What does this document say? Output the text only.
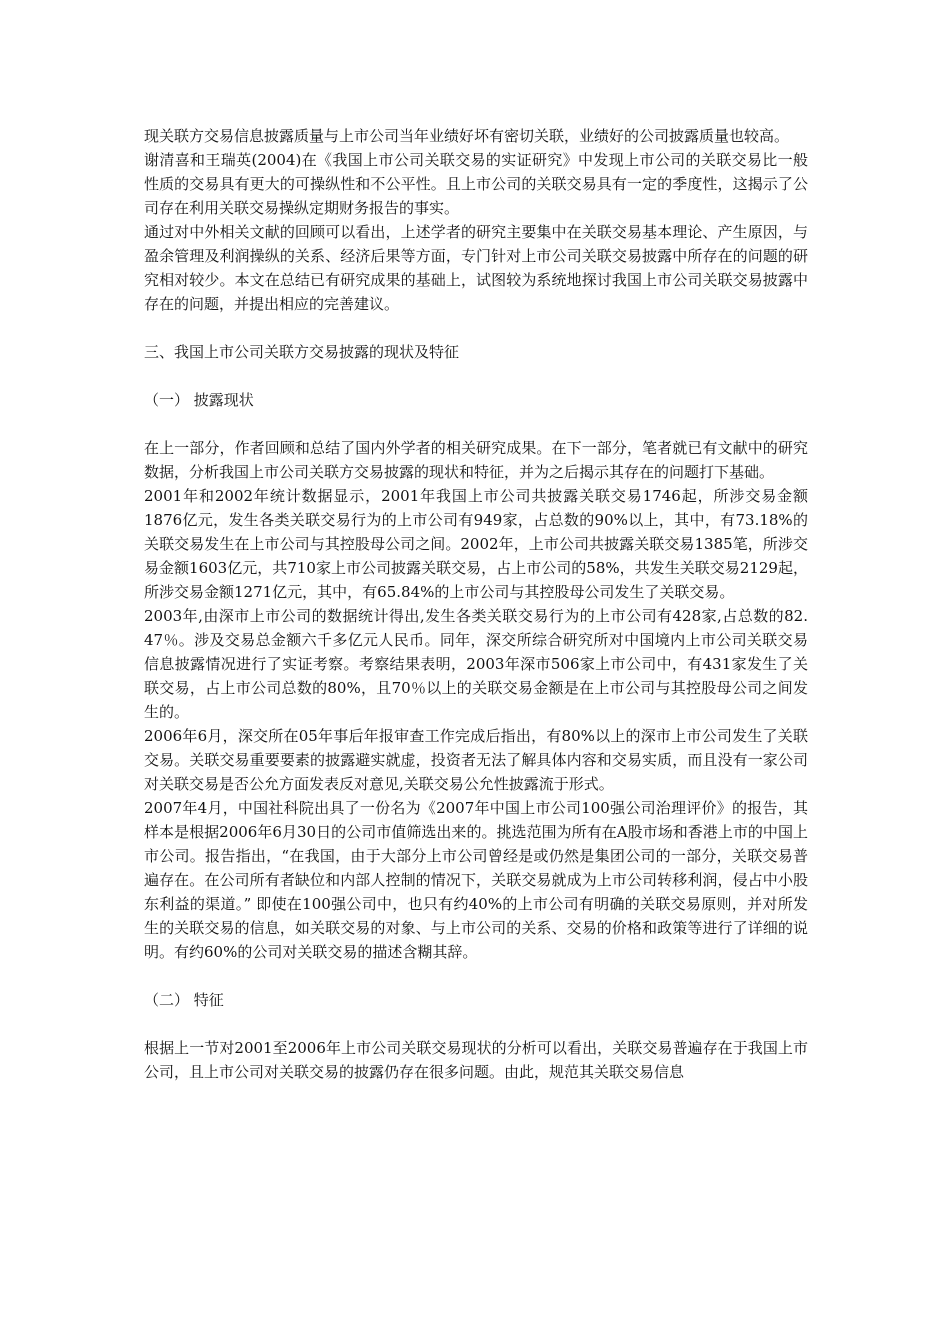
现关联方交易信息披露质量与上市公司当年业绩好坏有密切关联，业绩好的公司披露质量也较高。

谢清喜和王瑞英(2004)在《我国上市公司关联交易的实证研究》中发现上市公司的关联交易比一般性质的交易具有更大的可操纵性和不公平性。且上市公司的关联交易具有一定的季度性，这揭示了公司存在利用关联交易操纵定期财务报告的事实。

通过对中外相关文献的回顾可以看出，上述学者的研究主要集中在关联交易基本理论、产生原因，与盈余管理及利润操纵的关系、经济后果等方面，专门针对上市公司关联交易披露中所存在的问题的研究相对较少。本文在总结已有研究成果的基础上，试图较为系统地探讨我国上市公司关联交易披露中存在的问题，并提出相应的完善建议。

三、我国上市公司关联方交易披露的现状及特征

（一） 披露现状

在上一部分，作者回顾和总结了国内外学者的相关研究成果。在下一部分，笔者就已有文献中的研究数据，分析我国上市公司关联方交易披露的现状和特征，并为之后揭示其存在的问题打下基础。

2001年和2002年统计数据显示，2001年我国上市公司共披露关联交易1746起，所涉交易金额1876亿元，发生各类关联交易行为的上市公司有949家，占总数的90%以上，其中，有73.18%的关联交易发生在上市公司与其控股母公司之间。2002年，上市公司共披露关联交易1385笔，所涉交易金额1603亿元，共710家上市公司披露关联交易，占上市公司的58%，共发生关联交易2129起，所涉交易金额1271亿元，其中，有65.84%的上市公司与其控股母公司发生了关联交易。

2003年,由深市上市公司的数据统计得出,发生各类关联交易行为的上市公司有428家,占总数的82. 47％。涉及交易总金额六千多亿元人民币。同年，深交所综合研究所对中国境内上市公司关联交易信息披露情况进行了实证考察。考察结果表明，2003年深市506家上市公司中，有431家发生了关联交易，占上市公司总数的80%，且70％以上的关联交易金额是在上市公司与其控股母公司之间发生的。

2006年6月，深交所在05年事后年报审查工作完成后指出，有80%以上的深市上市公司发生了关联交易。关联交易重要要素的披露避实就虚，投资者无法了解具体内容和交易实质，而且没有一家公司对关联交易是否公允方面发表反对意见,关联交易公允性披露流于形式。

2007年4月，中国社科院出具了一份名为《2007年中国上市公司100强公司治理评价》的报告，其样本是根据2006年6月30日的公司市值筛选出来的。挑选范围为所有在A股市场和香港上市的中国上市公司。报告指出，“在我国，由于大部分上市公司曾经是或仍然是集团公司的一部分，关联交易普遍存在。在公司所有者缺位和内部人控制的情况下，关联交易就成为上市公司转移利润，侵占中小股东利益的渠道。” 即使在100强公司中，也只有约40%的上市公司有明确的关联交易原则，并对所发生的关联交易的信息，如关联交易的对象、与上市公司的关系、交易的价格和政策等进行了详细的说明。有约60%的公司对关联交易的描述含糊其辞。

（二） 特征

根据上一节对2001至2006年上市公司关联交易现状的分析可以看出，关联交易普遍存在于我国上市公司，且上市公司对关联交易的披露仍存在很多问题。由此，规范其关联交易信息
